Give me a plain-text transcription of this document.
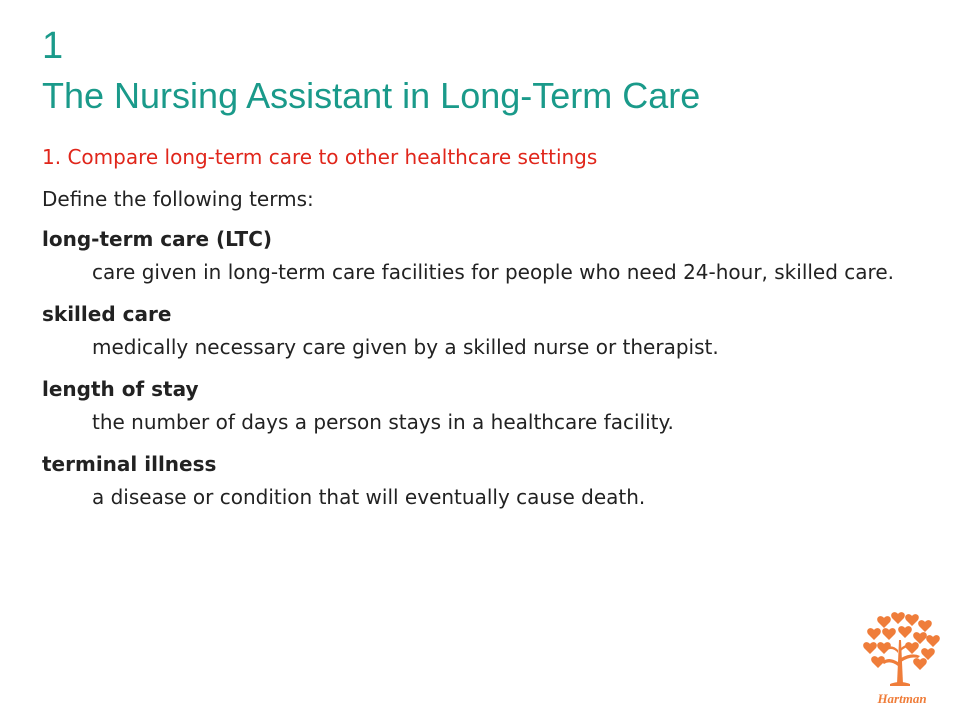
1
The Nursing Assistant in Long-Term Care
1. Compare long-term care to other healthcare settings
Define the following terms:
long-term care (LTC)
care given in long-term care facilities for people who need 24-hour, skilled care.
skilled care
medically necessary care given by a skilled nurse or therapist.
length of stay
the number of days a person stays in a healthcare facility.
terminal illness
a disease or condition that will eventually cause death.
Hartman
